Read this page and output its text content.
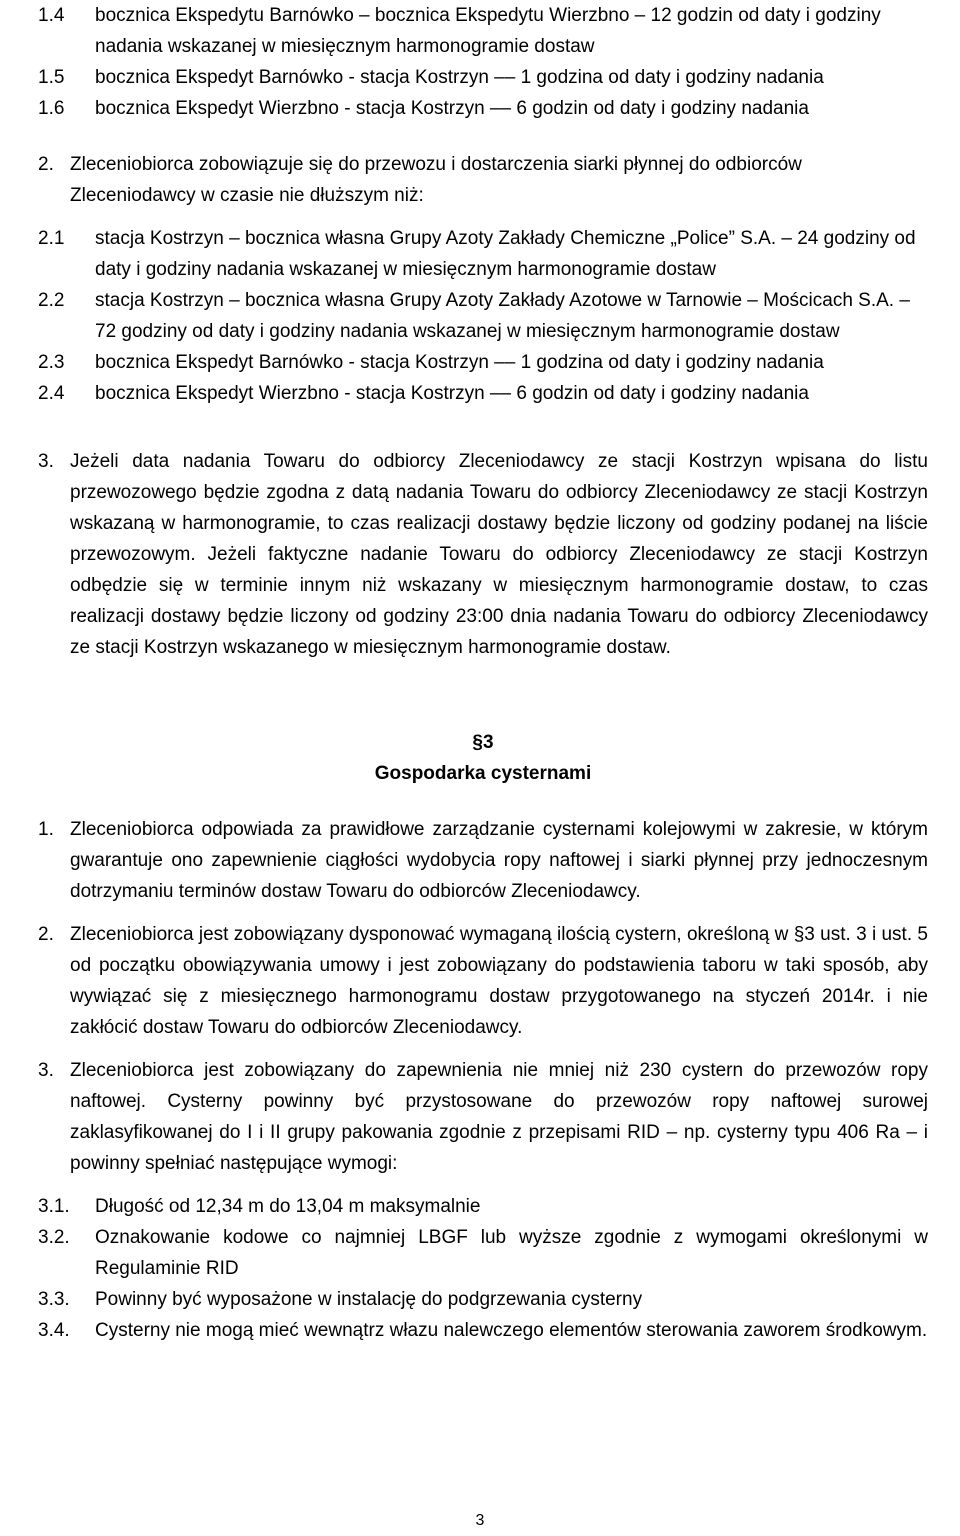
1.4	bocznica Ekspedytu Barnówko – bocznica Ekspedytu Wierzbno – 12 godzin od daty i godziny nadania wskazanej w miesięcznym harmonogramie dostaw
1.5	bocznica Ekspedyt Barnówko - stacja Kostrzyn –– 1 godzina od daty i godziny nadania
1.6	bocznica Ekspedyt Wierzbno - stacja Kostrzyn –– 6 godzin od daty i godziny nadania
2. Zleceniobiorca zobowiązuje się do przewozu i dostarczenia siarki płynnej do odbiorców Zleceniodawcy w czasie nie dłuższym niż:
2.1	stacja Kostrzyn – bocznica własna Grupy Azoty Zakłady Chemiczne „Police” S.A. – 24 godziny od daty i godziny nadania wskazanej w miesięcznym harmonogramie dostaw
2.2	stacja Kostrzyn – bocznica własna Grupy Azoty Zakłady Azotowe w Tarnowie – Mościcach S.A. – 72 godziny od daty i godziny nadania wskazanej w miesięcznym harmonogramie dostaw
2.3	bocznica Ekspedyt Barnówko - stacja Kostrzyn –– 1 godzina od daty i godziny nadania
2.4	bocznica Ekspedyt Wierzbno - stacja Kostrzyn –– 6 godzin od daty i godziny nadania
3. Jeżeli data nadania Towaru do odbiorcy Zleceniodawcy ze stacji Kostrzyn wpisana do listu przewozowego będzie zgodna z datą nadania Towaru do odbiorcy Zleceniodawcy ze stacji Kostrzyn wskazaną w harmonogramie, to czas realizacji dostawy będzie liczony od godziny podanej na liście przewozowym. Jeżeli faktyczne nadanie Towaru do odbiorcy Zleceniodawcy ze stacji Kostrzyn odbędzie się w terminie innym niż wskazany w miesięcznym harmonogramie dostaw, to czas realizacji dostawy będzie liczony od godziny 23:00 dnia nadania Towaru do odbiorcy Zleceniodawcy ze stacji Kostrzyn wskazanego w miesięcznym harmonogramie dostaw.
§3
Gospodarka cysternami
1. Zleceniobiorca odpowiada za prawidłowe zarządzanie cysternami kolejowymi w zakresie, w którym gwarantuje ono zapewnienie ciągłości wydobycia ropy naftowej i siarki płynnej przy jednoczesnym dotrzymaniu terminów dostaw Towaru do odbiorców Zleceniodawcy.
2. Zleceniobiorca jest zobowiązany dysponować wymaganą ilością cystern, określoną w §3 ust. 3 i ust. 5 od początku obowiązywania umowy i jest zobowiązany do podstawienia taboru w taki sposób, aby wywiązać się z miesięcznego harmonogramu dostaw przygotowanego na styczeń 2014r. i nie zakłócić dostaw Towaru do odbiorców Zleceniodawcy.
3. Zleceniobiorca jest zobowiązany do zapewnienia nie mniej niż 230 cystern do przewozów ropy naftowej. Cysterny powinny być przystosowane do przewozów ropy naftowej surowej zaklasyfikowanej do I i II grupy pakowania zgodnie z przepisami RID – np. cysterny typu 406 Ra – i powinny spełniać następujące wymogi:
3.1.	Długość od 12,34 m do 13,04 m maksymalnie
3.2.	Oznakowanie kodowe co najmniej LBGF lub wyższe zgodnie z wymogami określonymi w Regulaminie RID
3.3.	Powinny być wyposażone w instalację do podgrzewania cysterny
3.4.	Cysterny nie mogą mieć wewnątrz włazu nalewczego elementów sterowania zaworem środkowym.
3
